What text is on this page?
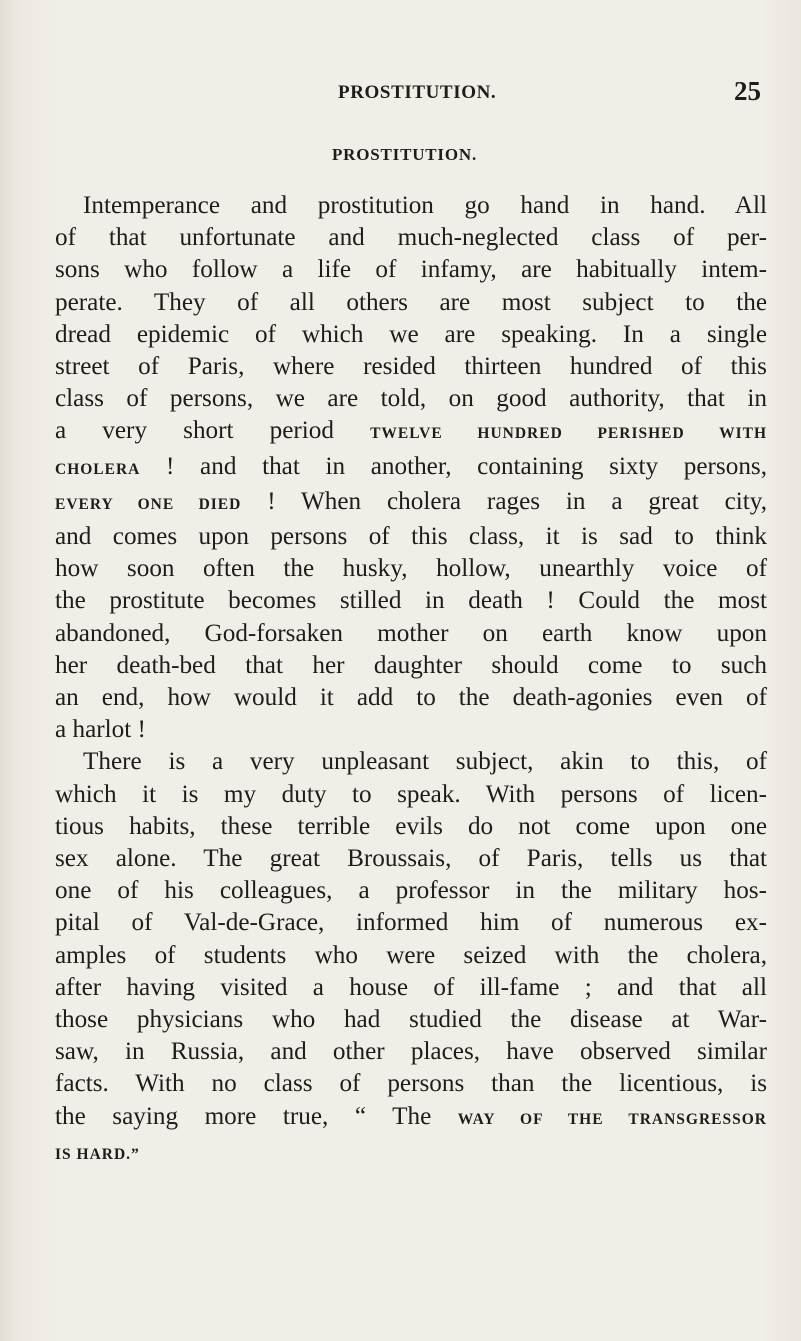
PROSTITUTION.	25
PROSTITUTION.
Intemperance and prostitution go hand in hand. All
of that unfortunate and much-neglected class of per-
sons who follow a life of infamy, are habitually intem-
perate. They of all others are most subject to the
dread epidemic of which we are speaking. In a single
street of Paris, where resided thirteen hundred of this
class of persons, we are told, on good authority, that in
a very short period TWELVE HUNDRED PERISHED WITH
CHOLERA ! and that in another, containing sixty persons,
EVERY ONE DIED ! When cholera rages in a great city,
and comes upon persons of this class, it is sad to think
how soon often the husky, hollow, unearthly voice of
the prostitute becomes stilled in death ! Could the most
abandoned, God-forsaken mother on earth know upon
her death-bed that her daughter should come to such
an end, how would it add to the death-agonies even of
a harlot !
There is a very unpleasant subject, akin to this, of
which it is my duty to speak. With persons of licen-
tious habits, these terrible evils do not come upon one
sex alone. The great Broussais, of Paris, tells us that
one of his colleagues, a professor in the military hos-
pital of Val-de-Grace, informed him of numerous ex-
amples of students who were seized with the cholera,
after having visited a house of ill-fame ; and that all
those physicians who had studied the disease at War-
saw, in Russia, and other places, have observed similar
facts. With no class of persons than the licentious, is
the saying more true, “ The WAY OF THE TRANSGRESSOR
IS HARD.”
